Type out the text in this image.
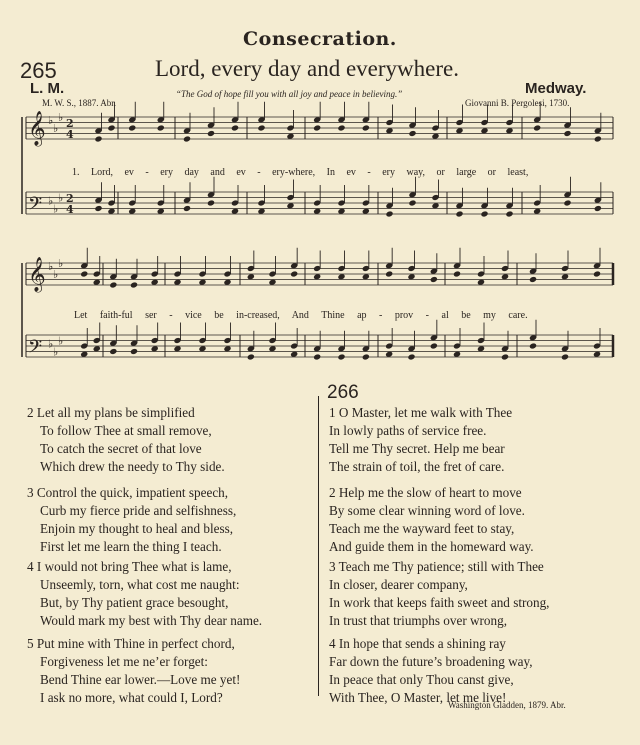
Consecration.
265	Lord, every day and everywhere.
L. M.	Medway.
M. W. S., 1887. Abr.
“The God of hope fill you with all joy and peace in believing.”
Giovanni B. Pergolesi, 1730.
𝄞 ♭
♭
♭ 2
4
𝄢 ♭
♭
♭ 2
4
𝄞 ♭
♭
♭
𝄢 ♭
♭
♭
1. Lord, ev - ery day and ev - ery-where, In ev - ery way, or large or least,
Let faith-ful ser - vice be in-creased, And Thine ap - prov - al be my care.
266
2 Let all my plans be simplified
To follow Thee at small remove,
To catch the secret of that love
Which drew the needy to Thy side.
3 Control the quick, impatient speech,
Curb my fierce pride and selfishness,
Enjoin my thought to heal and bless,
First let me learn the thing I teach.
4 I would not bring Thee what is lame,
Unseemly, torn, what cost me naught:
But, by Thy patient grace besought,
Would mark my best with Thy dear name.
5 Put mine with Thine in perfect chord,
Forgiveness let me ne’er forget:
Bend Thine ear lower.—Love me yet!
I ask no more, what could I, Lord?
1 O Master, let me walk with Thee
In lowly paths of service free.
Tell me Thy secret. Help me bear
The strain of toil, the fret of care.
2 Help me the slow of heart to move
By some clear winning word of love.
Teach me the wayward feet to stay,
And guide them in the homeward way.
3 Teach me Thy patience; still with Thee
In closer, dearer company,
In work that keeps faith sweet and strong,
In trust that triumphs over wrong,
4 In hope that sends a shining ray
Far down the future’s broadening way,
In peace that only Thou canst give,
With Thee, O Master, let me live!
Washington Gladden, 1879. Abr.
